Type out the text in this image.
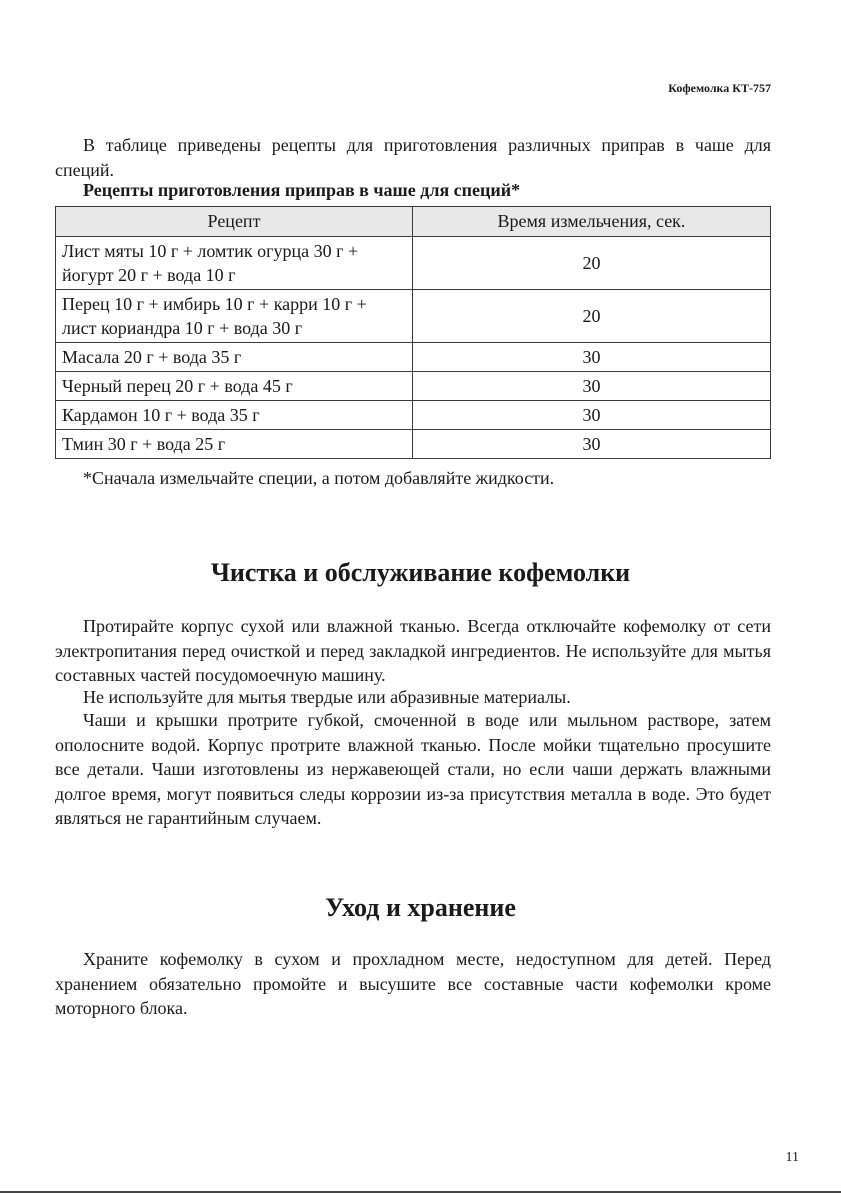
Кофемолка КТ-757

В таблице приведены рецепты для приготовления различных приправ в чаше для специй.

Рецепты приготовления приправ в чаше для специй*
Рецепт	Время измельчения, сек.
Лист мяты 10 г + ломтик огурца 30 г +
йогурт 20 г + вода 10 г	20
Перец 10 г + имбирь 10 г + карри 10 г +
лист кориандра 10 г + вода 30 г	20
Масала 20 г + вода 35 г	30
Черный перец 20 г + вода 45 г	30
Кардамон 10 г + вода 35 г	30
Тмин 30 г + вода 25 г	30
*Сначала измельчайте специи, а потом добавляйте жидкости.
Чистка и обслуживание кофемолки

Протирайте корпус сухой или влажной тканью. Всегда отключайте кофемолку от сети электропитания перед очисткой и перед закладкой ингредиентов. Не используйте для мытья составных частей посудомоечную машину.

Не используйте для мытья твердые или абразивные материалы.

Чаши и крышки протрите губкой, смоченной в воде или мыльном растворе, затем ополосните водой. Корпус протрите влажной тканью. После мойки тщательно просушите все детали. Чаши изготовлены из нержавеющей стали, но если чаши держать влажными долгое время, могут появиться следы коррозии из-за присутствия металла в воде. Это будет являться не гарантийным случаем.

Уход и хранение

Храните кофемолку в сухом и прохладном месте, недоступном для детей. Перед хранением обязательно промойте и высушите все составные части кофемолки кроме моторного блока.

11
